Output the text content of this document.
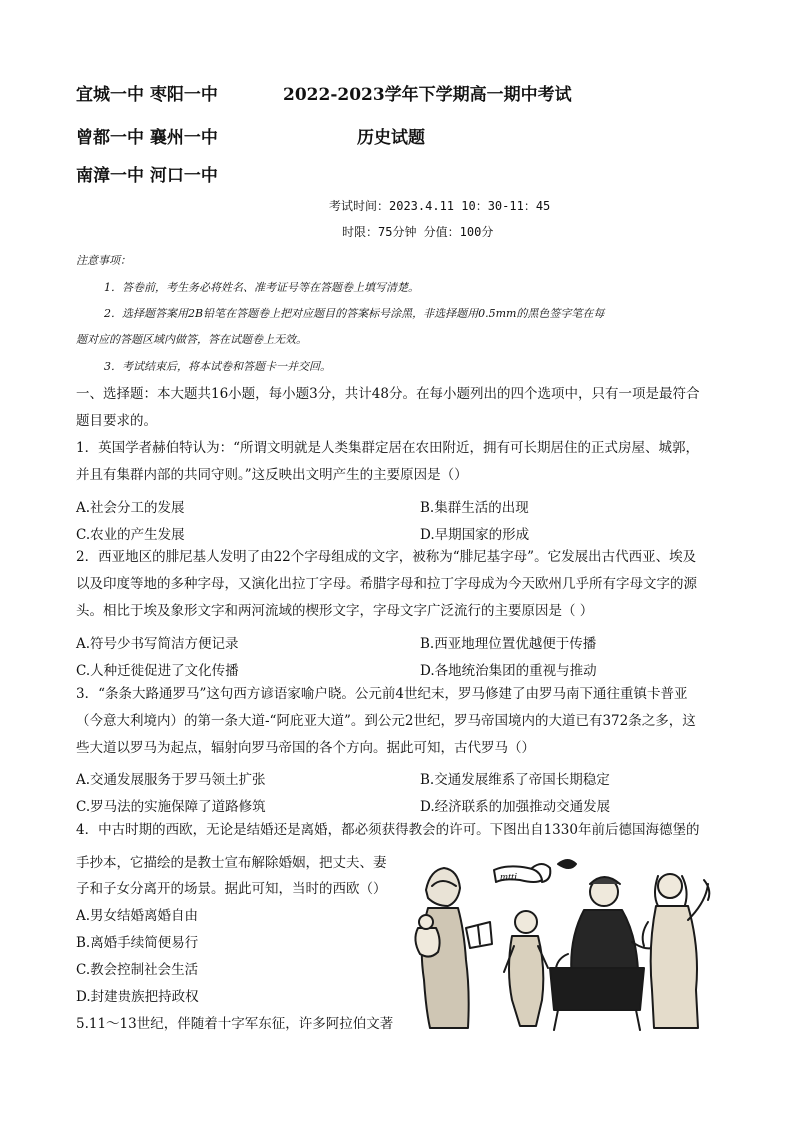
宜城一中 枣阳一中	2022-2023学年下学期高一期中考试
曾都一中 襄州一中	历史试题
南漳一中 河口一中
考试时间：2023.4.11 10：30-11：45
时限：75分钟 分值：100分
注意事项：
1．答卷前，考生务必将姓名、准考证号等在答题卷上填写清楚。
2．选择题答案用2B铅笔在答题卷上把对应题目的答案标号涂黑，非选择题用0.5mm的黑色签字笔在每
题对应的答题区域内做答，答在试题卷上无效。
3．考试结束后，将本试卷和答题卡一并交回。
一、选择题：本大题共16小题，每小题3分，共计48分。在每小题列出的四个选项中，只有一项是最符合
题目要求的。
1．英国学者赫伯特认为：“所谓文明就是人类集群定居在农田附近，拥有可长期居住的正式房屋、城郭，
并且有集群内部的共同守则。”这反映出文明产生的主要原因是（）
A.社会分工的发展	B.集群生活的出现
C.农业的产生发展	D.早期国家的形成
2．西亚地区的腓尼基人发明了由22个字母组成的文字，被称为“腓尼基字母”。它发展出古代西亚、埃及
以及印度等地的多种字母，又演化出拉丁字母。希腊字母和拉丁字母成为今天欧州几乎所有字母文字的源
头。相比于埃及象形文字和两河流域的楔形文字，字母文字广泛流行的主要原因是（ ）
A.符号少书写简洁方便记录	B.西亚地理位置优越便于传播
C.人种迁徙促进了文化传播	D.各地统治集团的重视与推动
3．“条条大路通罗马”这句西方谚语家喻户晓。公元前4世纪末，罗马修建了由罗马南下通往重镇卡普亚
（今意大利境内）的第一条大道-“阿庇亚大道”。到公元2世纪，罗马帝国境内的大道已有372条之多，这
些大道以罗马为起点，辐射向罗马帝国的各个方向。据此可知，古代罗马（）
A.交通发展服务于罗马领土扩张	B.交通发展维系了帝国长期稳定
C.罗马法的实施保障了道路修筑	D.经济联系的加强推动交通发展
4．中古时期的西欧，无论是结婚还是离婚，都必须获得教会的许可。下图出自1330年前后德国海德堡的
手抄本，它描绘的是教士宣布解除婚姻，把丈夫、妻
子和子女分离开的场景。据此可知，当时的西欧（）
A.男女结婚离婚自由
B.离婚手续简便易行
C.教会控制社会生活
D.封建贵族把持政权
5.11～13世纪，伴随着十字军东征，许多阿拉伯文著
mtti
